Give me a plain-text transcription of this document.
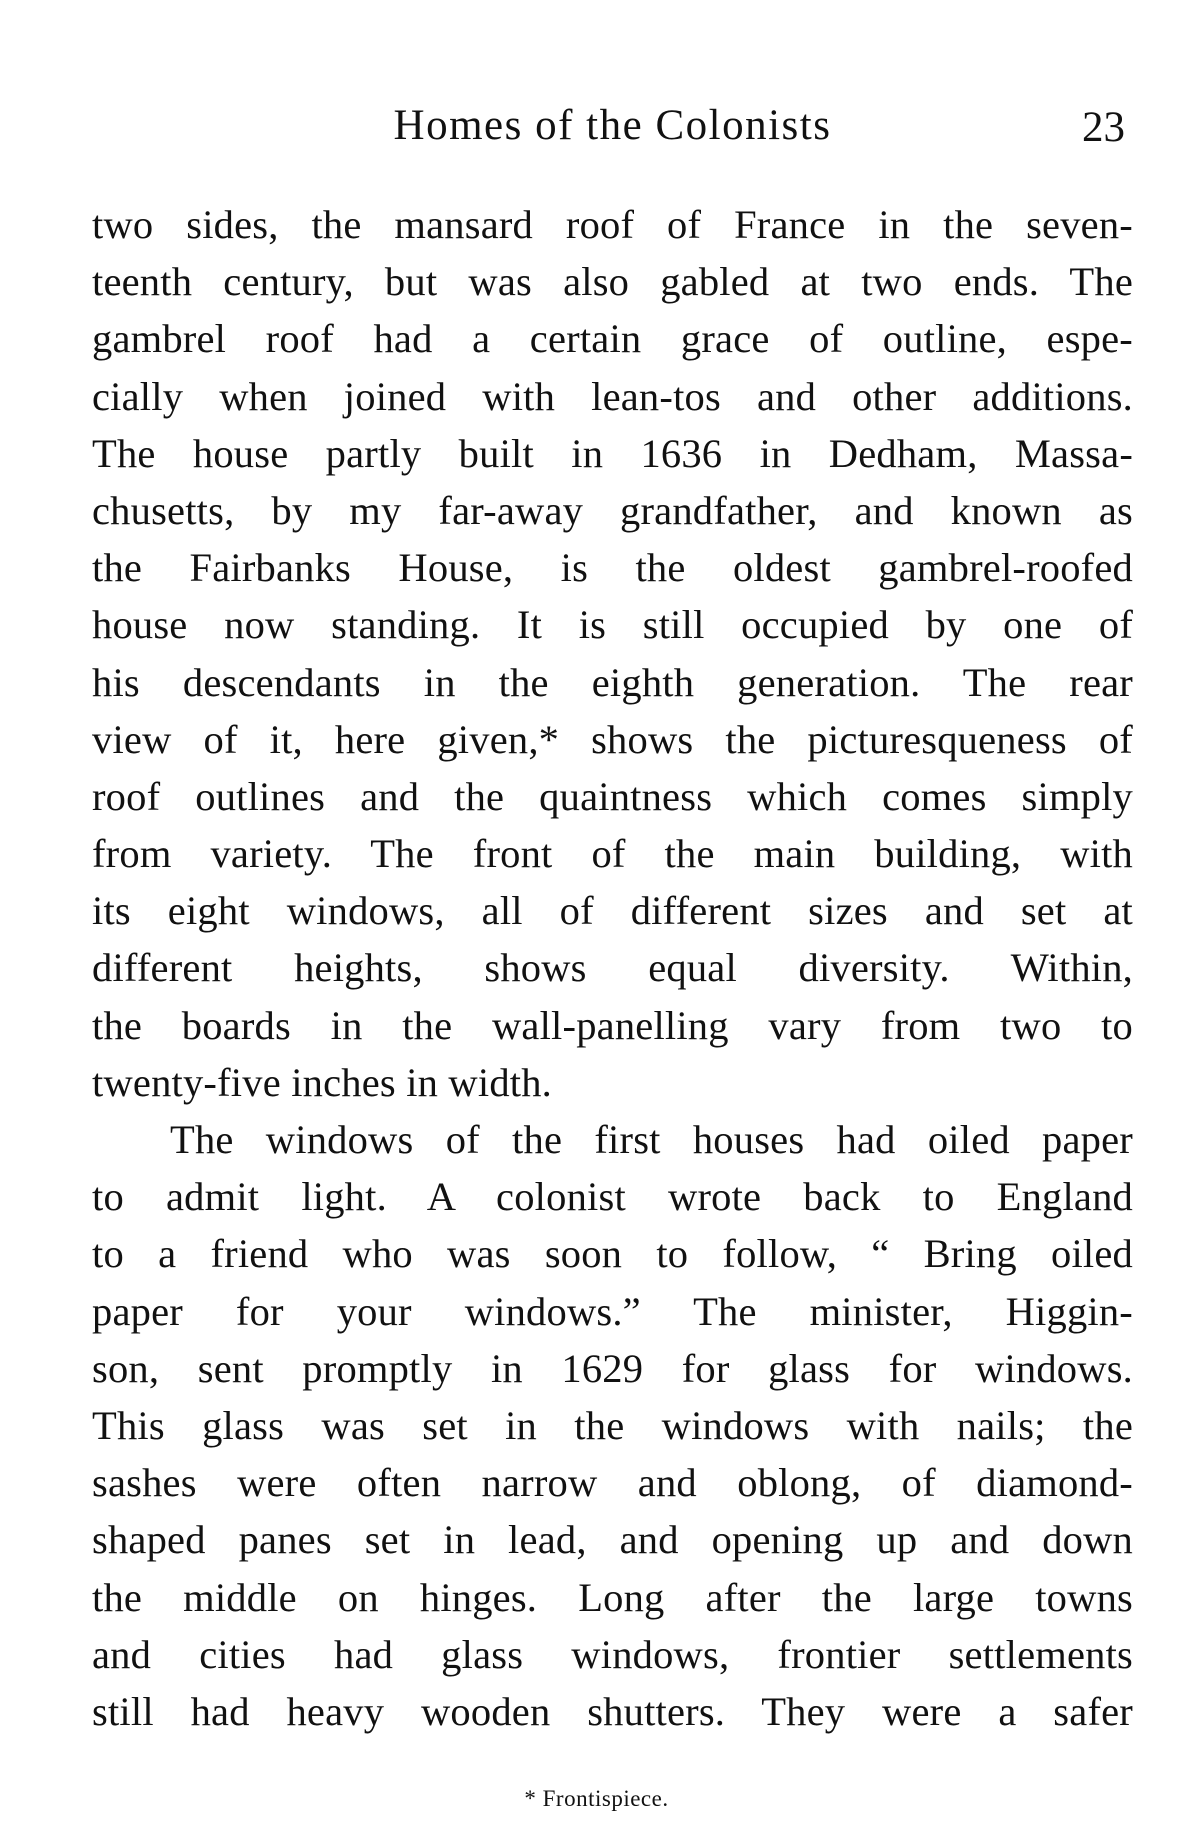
Homes of the Colonists	23
two sides, the mansard roof of France in the seven-
teenth century, but was also gabled at two ends. The
gambrel roof had a certain grace of outline, espe-
cially when joined with lean-tos and other additions.
The house partly built in 1636 in Dedham, Massa-
chusetts, by my far-away grandfather, and known as
the Fairbanks House, is the oldest gambrel-roofed
house now standing. It is still occupied by one of
his descendants in the eighth generation. The rear
view of it, here given,* shows the picturesqueness of
roof outlines and the quaintness which comes simply
from variety. The front of the main building, with
its eight windows, all of different sizes and set at
different heights, shows equal diversity. Within,
the boards in the wall-panelling vary from two to
twenty-five inches in width.
The windows of the first houses had oiled paper
to admit light. A colonist wrote back to England
to a friend who was soon to follow, “ Bring oiled
paper for your windows.” The minister, Higgin-
son, sent promptly in 1629 for glass for windows.
This glass was set in the windows with nails; the
sashes were often narrow and oblong, of diamond-
shaped panes set in lead, and opening up and down
the middle on hinges. Long after the large towns
and cities had glass windows, frontier settlements
still had heavy wooden shutters. They were a safer
* Frontispiece.
